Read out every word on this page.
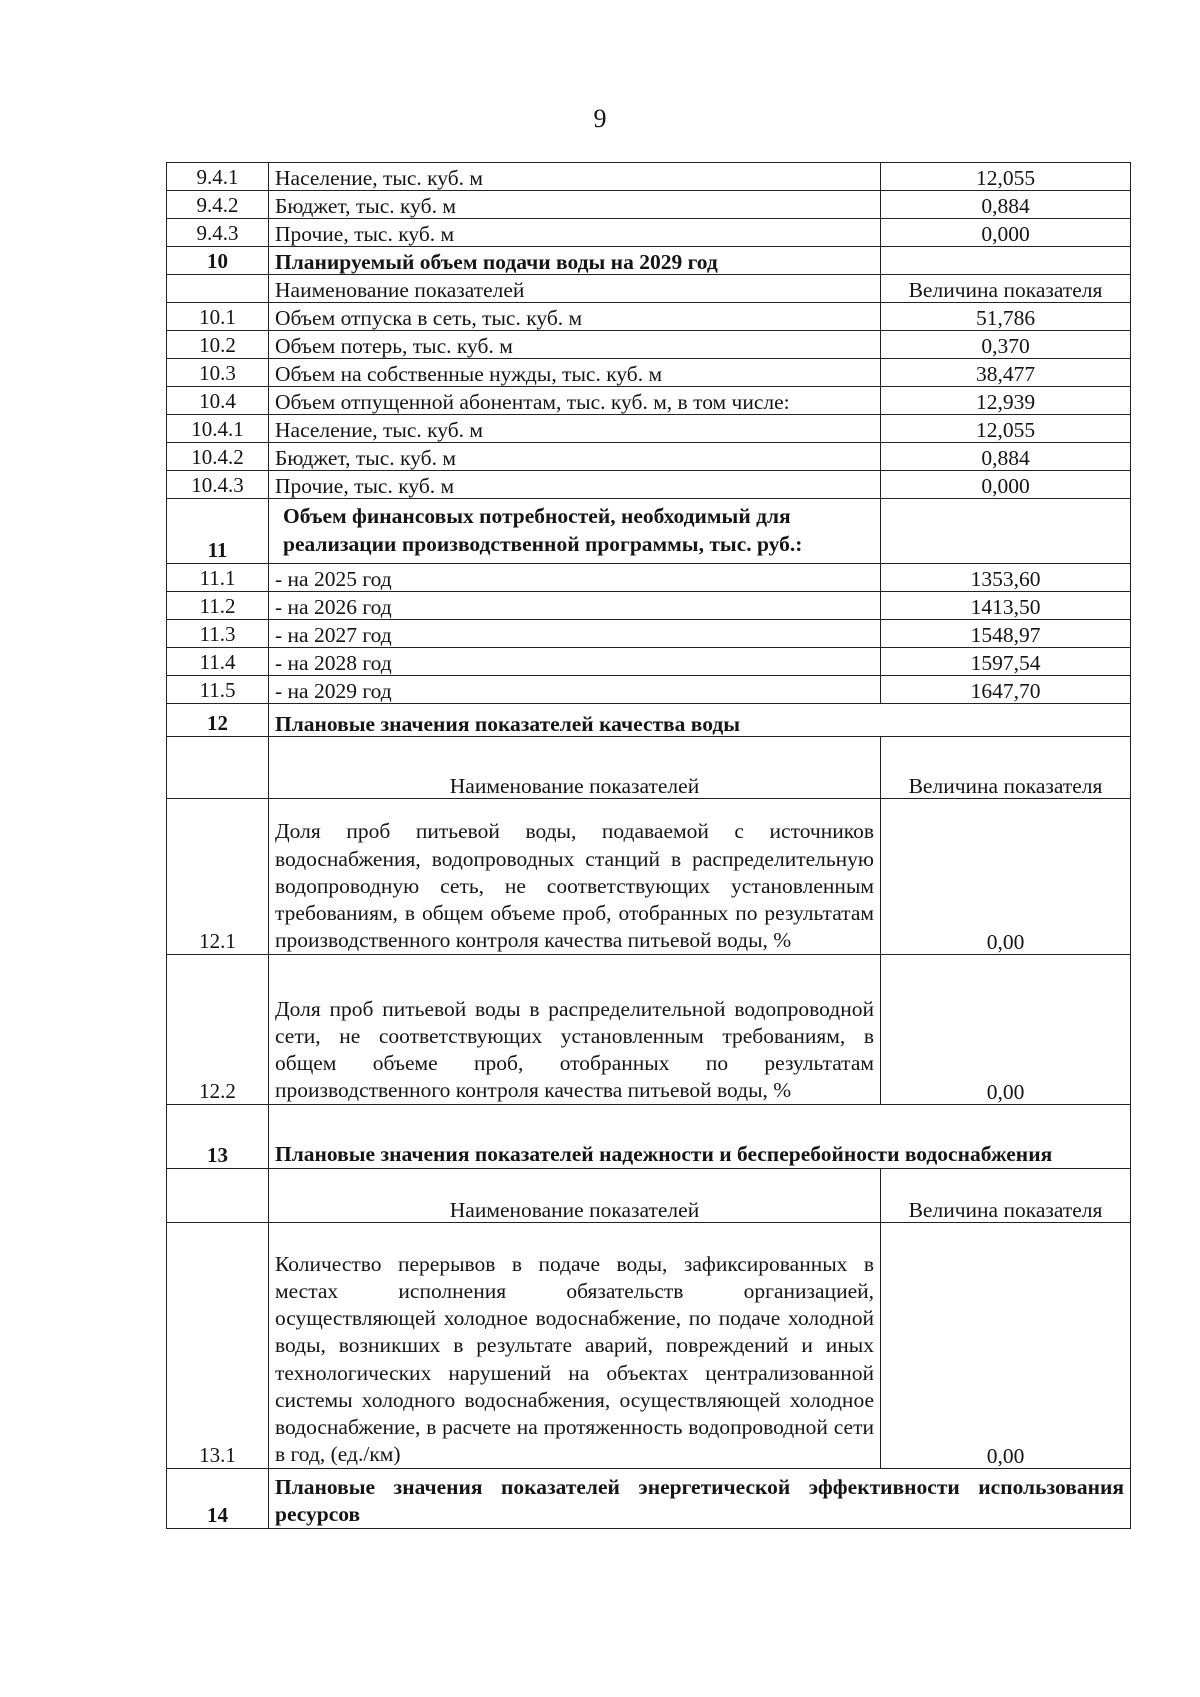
9
9.4.1	Население, тыс. куб. м	12,055
9.4.2	Бюджет, тыс. куб. м	0,884
9.4.3	Прочие, тыс. куб. м	0,000
10	Планируемый объем подачи воды на 2029 год	
	Наименование показателей	Величина показателя
10.1	Объем отпуска в сеть, тыс. куб. м	51,786
10.2	Объем потерь, тыс. куб. м	0,370
10.3	Объем на собственные нужды, тыс. куб. м	38,477
10.4	Объем отпущенной абонентам, тыс. куб. м, в том числе:	12,939
10.4.1	Население, тыс. куб. м	12,055
10.4.2	Бюджет, тыс. куб. м	0,884
10.4.3	Прочие, тыс. куб. м	0,000
11	Объем финансовых потребностей, необходимый для реализации производственной программы, тыс. руб.:	
11.1	- на 2025 год	1353,60
11.2	- на 2026 год	1413,50
11.3	- на 2027 год	1548,97
11.4	- на 2028 год	1597,54
11.5	- на 2029 год	1647,70
12	Плановые значения показателей качества воды	
	Наименование показателей	Величина показателя
12.1	Доля проб питьевой воды, подаваемой с источников водоснабжения, водопроводных станций в распределительную водопроводную сеть, не соответствующих установленным требованиям, в общем объеме проб, отобранных по результатам производственного контроля качества питьевой воды, %	0,00
12.2	Доля проб питьевой воды в распределительной водопроводной сети, не соответствующих установленным требованиям, в общем объеме проб, отобранных по результатам производственного контроля качества питьевой воды, %	0,00
13	Плановые значения показателей надежности и бесперебойности водоснабжения	
	Наименование показателей	Величина показателя
13.1	Количество перерывов в подаче воды, зафиксированных в местах исполнения обязательств организацией, осуществляющей холодное водоснабжение, по подаче холодной воды, возникших в результате аварий, повреждений и иных технологических нарушений на объектах централизованной системы холодного водоснабжения, осуществляющей холодное водоснабжение, в расчете на протяженность водопроводной сети в год, (ед./км)	0,00
14	Плановые значения показателей энергетической эффективности использования ресурсов	
